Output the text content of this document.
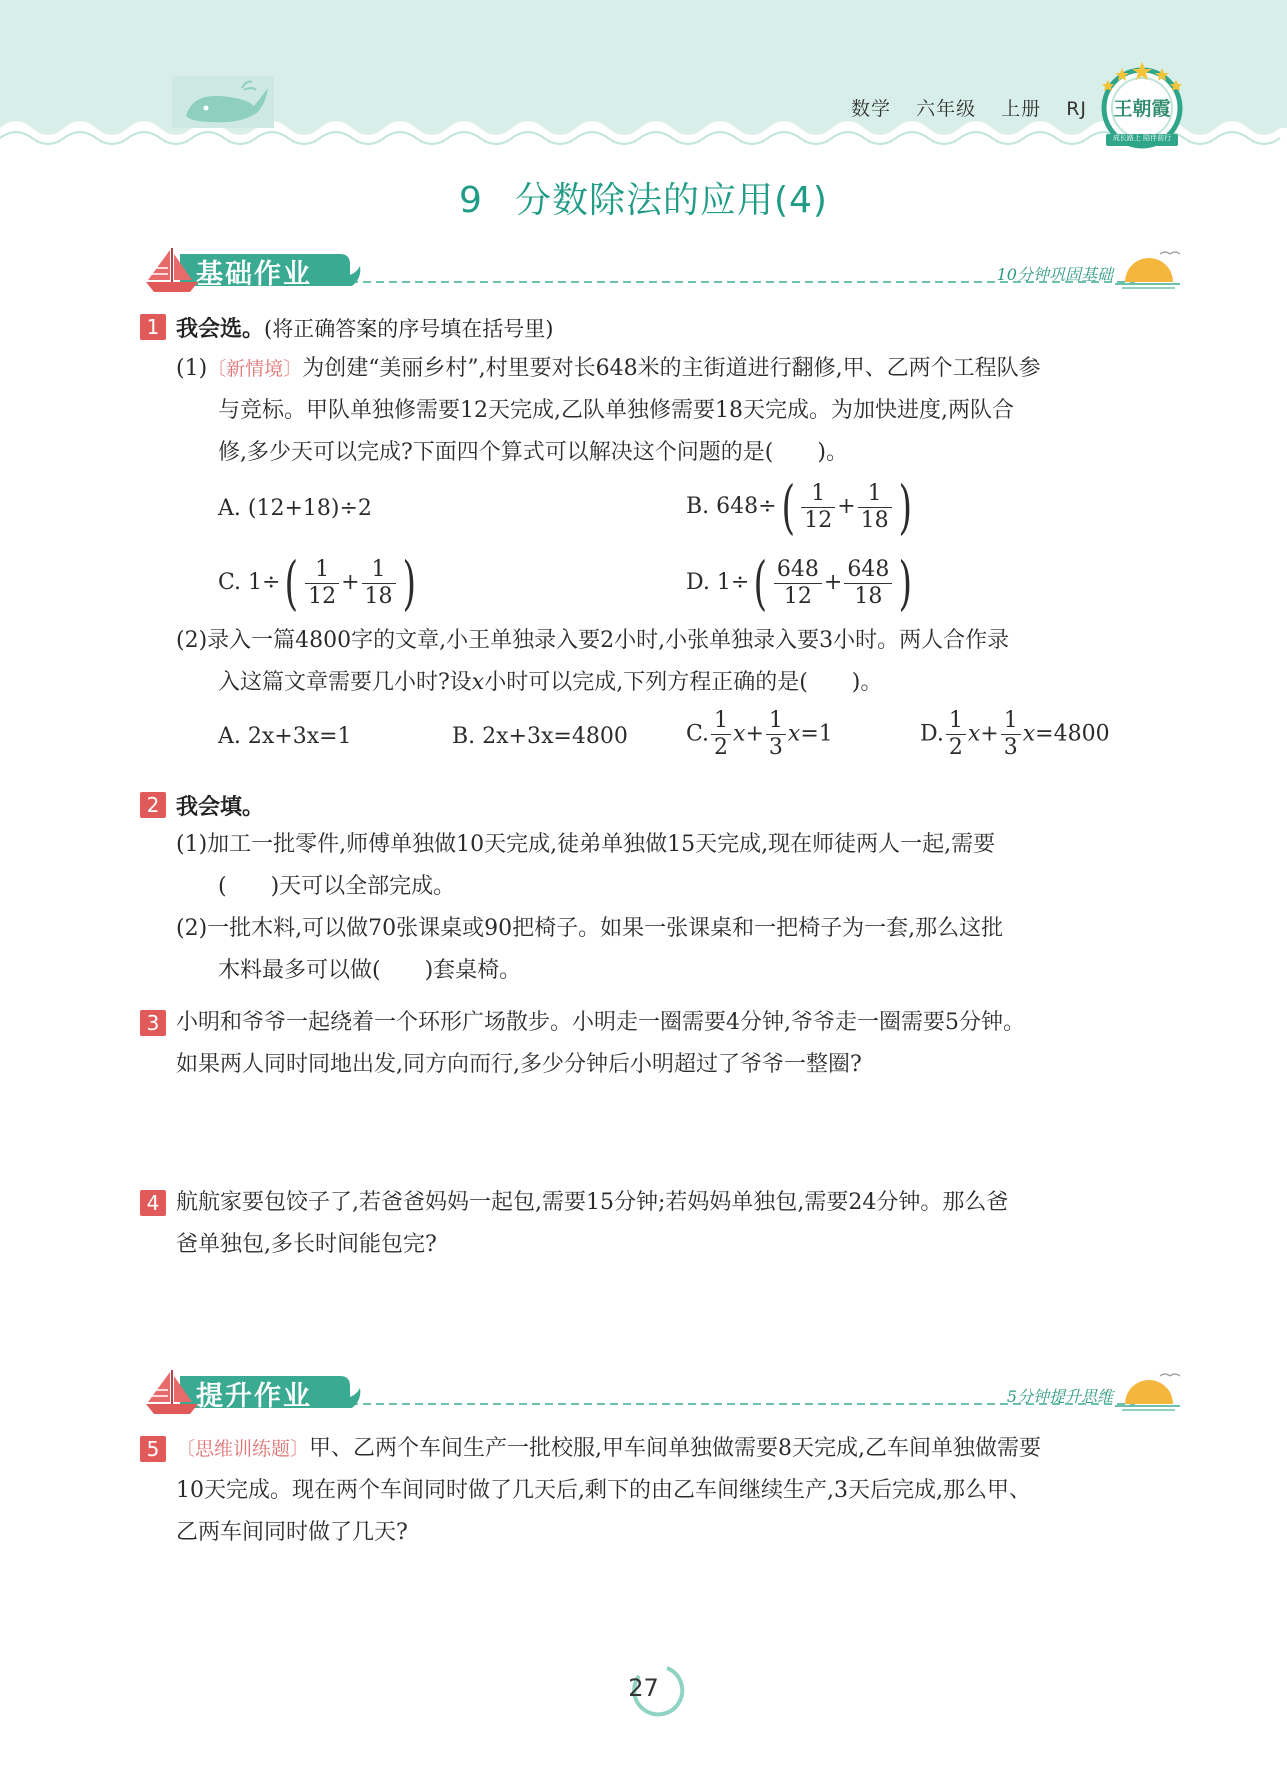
数学 六年级 上册 RJ 王朝霞
成长路上 陪伴前行
9 分数除法的应用(4)
基础作业	10分钟巩固基础
1 我会选。(将正确答案的序号填在括号里)
(1)〔新情境〕为创建“美丽乡村”,村里要对长648米的主街道进行翻修,甲、乙两个工程队参
与竞标。甲队单独修需要12天完成,乙队单独修需要18天完成。为加快进度,两队合
修,多少天可以完成?下面四个算式可以解决这个问题的是(　　)。
A. (12+18)÷2	B. $648\div( \frac{1}{12} + \frac{1}{18}$ )
C. $1\div( \frac{1}{12} + \frac{1}{18}$ )	D. $1\div( \frac{648}{12} + \frac{648}{18}$ )
(2)录入一篇4800字的文章,小王单独录入要2小时,小张单独录入要3小时。两人合作录
入这篇文章需要几小时?设x小时可以完成,下列方程正确的是(　　)。
A. 2x+3x=1	B. 2x+3x=4800	C. $\frac{1}{2} x+ \frac{1}{3} x=1$	D. $\frac{1}{2} x+ \frac{1}{3} x=4800$
2 我会填。
(1)加工一批零件,师傅单独做10天完成,徒弟单独做15天完成,现在师徒两人一起,需要
(　　)天可以全部完成。
(2)一批木料,可以做70张课桌或90把椅子。如果一张课桌和一把椅子为一套,那么这批
木料最多可以做(　　)套桌椅。
3 小明和爷爷一起绕着一个环形广场散步。小明走一圈需要4分钟,爷爷走一圈需要5分钟。
如果两人同时同地出发,同方向而行,多少分钟后小明超过了爷爷一整圈?
4 航航家要包饺子了,若爸爸妈妈一起包,需要15分钟;若妈妈单独包,需要24分钟。那么爸
爸单独包,多长时间能包完?
提升作业	5分钟提升思维
5 〔思维训练题〕甲、乙两个车间生产一批校服,甲车间单独做需要8天完成,乙车间单独做需要
10天完成。现在两个车间同时做了几天后,剩下的由乙车间继续生产,3天后完成,那么甲、
乙两车间同时做了几天?
27
